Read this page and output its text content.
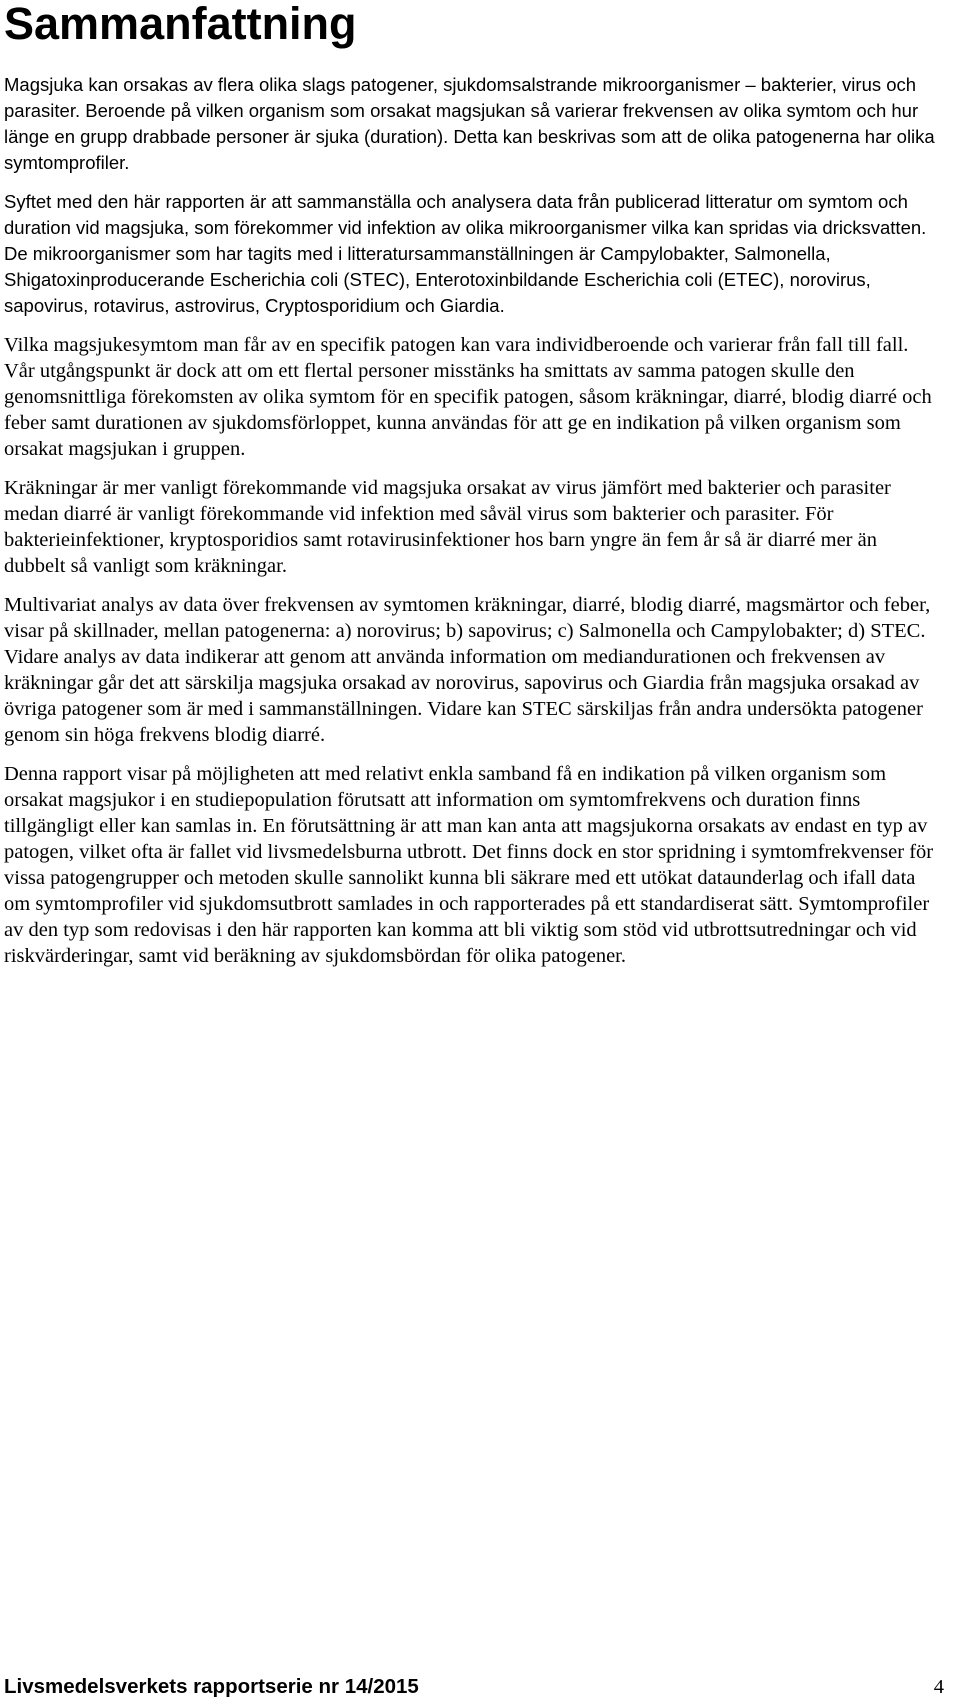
Sammanfattning

Magsjuka kan orsakas av flera olika slags patogener, sjukdomsalstrande mikroorganismer – bakterier, virus och parasiter. Beroende på vilken organism som orsakat magsjukan så varierar frekvensen av olika symtom och hur länge en grupp drabbade personer är sjuka (duration). Detta kan beskrivas som att de olika patogenerna har olika symtomprofiler.

Syftet med den här rapporten är att sammanställa och analysera data från publicerad litteratur om symtom och duration vid magsjuka, som förekommer vid infektion av olika mikroorganismer vilka kan spridas via dricksvatten. De mikroorganismer som har tagits med i litteratursammanställningen är Campylobakter, Salmonella, Shigatoxinproducerande Escherichia coli (STEC), Enterotoxinbildande Escherichia coli (ETEC), norovirus, sapovirus, rotavirus, astrovirus, Cryptosporidium och Giardia.

Vilka magsjukesymtom man får av en specifik patogen kan vara individberoende och varierar från fall till fall. Vår utgångspunkt är dock att om ett flertal personer misstänks ha smittats av samma patogen skulle den genomsnittliga förekomsten av olika symtom för en specifik patogen, såsom kräkningar, diarré, blodig diarré och feber samt durationen av sjukdomsförloppet, kunna användas för att ge en indikation på vilken organism som orsakat magsjukan i gruppen.

Kräkningar är mer vanligt förekommande vid magsjuka orsakat av virus jämfört med bakterier och parasiter medan diarré är vanligt förekommande vid infektion med såväl virus som bakterier och parasiter. För bakterieinfektioner, kryptosporidios samt rotavirusinfektioner hos barn yngre än fem år så är diarré mer än dubbelt så vanligt som kräkningar.

Multivariat analys av data över frekvensen av symtomen kräkningar, diarré, blodig diarré, magsmärtor och feber, visar på skillnader, mellan patogenerna: a) norovirus; b) sapovirus; c) Salmonella och Campylobakter; d) STEC. Vidare analys av data indikerar att genom att använda information om mediandurationen och frekvensen av kräkningar går det att särskilja magsjuka orsakad av norovirus, sapovirus och Giardia från magsjuka orsakad av övriga patogener som är med i sammanställningen. Vidare kan STEC särskiljas från andra undersökta patogener genom sin höga frekvens blodig diarré.

Denna rapport visar på möjligheten att med relativt enkla samband få en indikation på vilken organism som orsakat magsjukor i en studiepopulation förutsatt att information om symtomfrekvens och duration finns tillgängligt eller kan samlas in. En förutsättning är att man kan anta att magsjukorna orsakats av endast en typ av patogen, vilket ofta är fallet vid livsmedelsburna utbrott. Det finns dock en stor spridning i symtomfrekvenser för vissa patogengrupper och metoden skulle sannolikt kunna bli säkrare med ett utökat dataunderlag och ifall data om symtomprofiler vid sjukdomsutbrott samlades in och rapporterades på ett standardiserat sätt. Symtomprofiler av den typ som redovisas i den här rapporten kan komma att bli viktig som stöd vid utbrottsutredningar och vid riskvärderingar, samt vid beräkning av sjukdomsbördan för olika patogener.

Livsmedelsverkets rapportserie nr 14/2015	4
